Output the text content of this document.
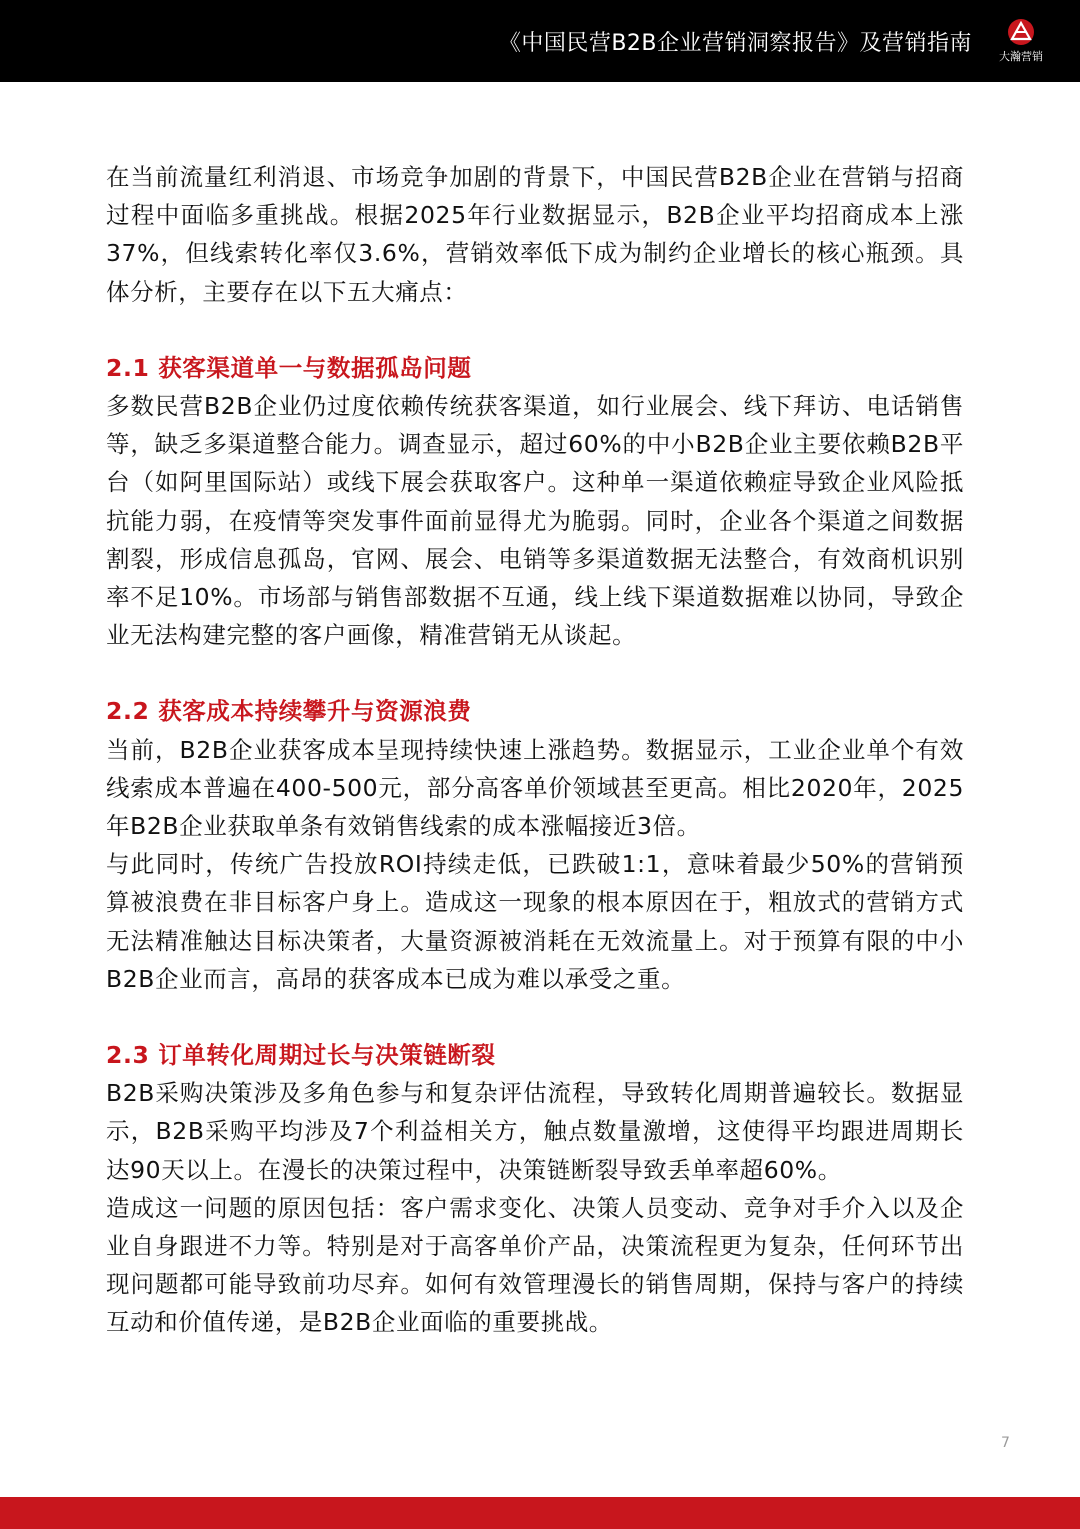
《中国民营B2B企业营销洞察报告》及营销指南
大瀚营销

在当前流量红利消退、市场竞争加剧的背景下，中国民营B2B企业在营销与招商过程中面临多重挑战。根据2025年行业数据显示，B2B企业平均招商成本上涨37%，但线索转化率仅3.6%，营销效率低下成为制约企业增长的核心瓶颈。具体分析，主要存在以下五大痛点：

2.1 获客渠道单一与数据孤岛问题

多数民营B2B企业仍过度依赖传统获客渠道，如行业展会、线下拜访、电话销售等，缺乏多渠道整合能力。调查显示，超过60%的中小B2B企业主要依赖B2B平台（如阿里国际站）或线下展会获取客户。这种单一渠道依赖症导致企业风险抵抗能力弱，在疫情等突发事件面前显得尤为脆弱。同时，企业各个渠道之间数据割裂，形成信息孤岛，官网、展会、电销等多渠道数据无法整合，有效商机识别率不足10%。市场部与销售部数据不互通，线上线下渠道数据难以协同，导致企业无法构建完整的客户画像，精准营销无从谈起。

2.2 获客成本持续攀升与资源浪费

当前，B2B企业获客成本呈现持续快速上涨趋势。数据显示，工业企业单个有效线索成本普遍在400-500元，部分高客单价领域甚至更高。相比2020年，2025年B2B企业获取单条有效销售线索的成本涨幅接近3倍。

与此同时，传统广告投放ROI持续走低，已跌破1:1，意味着最少50%的营销预算被浪费在非目标客户身上。造成这一现象的根本原因在于，粗放式的营销方式无法精准触达目标决策者，大量资源被消耗在无效流量上。对于预算有限的中小B2B企业而言，高昂的获客成本已成为难以承受之重。

2.3 订单转化周期过长与决策链断裂

B2B采购决策涉及多角色参与和复杂评估流程，导致转化周期普遍较长。数据显示，B2B采购平均涉及7个利益相关方，触点数量激增，这使得平均跟进周期长达90天以上。在漫长的决策过程中，决策链断裂导致丢单率超60%。

造成这一问题的原因包括：客户需求变化、决策人员变动、竞争对手介入以及企业自身跟进不力等。特别是对于高客单价产品，决策流程更为复杂，任何环节出现问题都可能导致前功尽弃。如何有效管理漫长的销售周期，保持与客户的持续互动和价值传递，是B2B企业面临的重要挑战。

7
